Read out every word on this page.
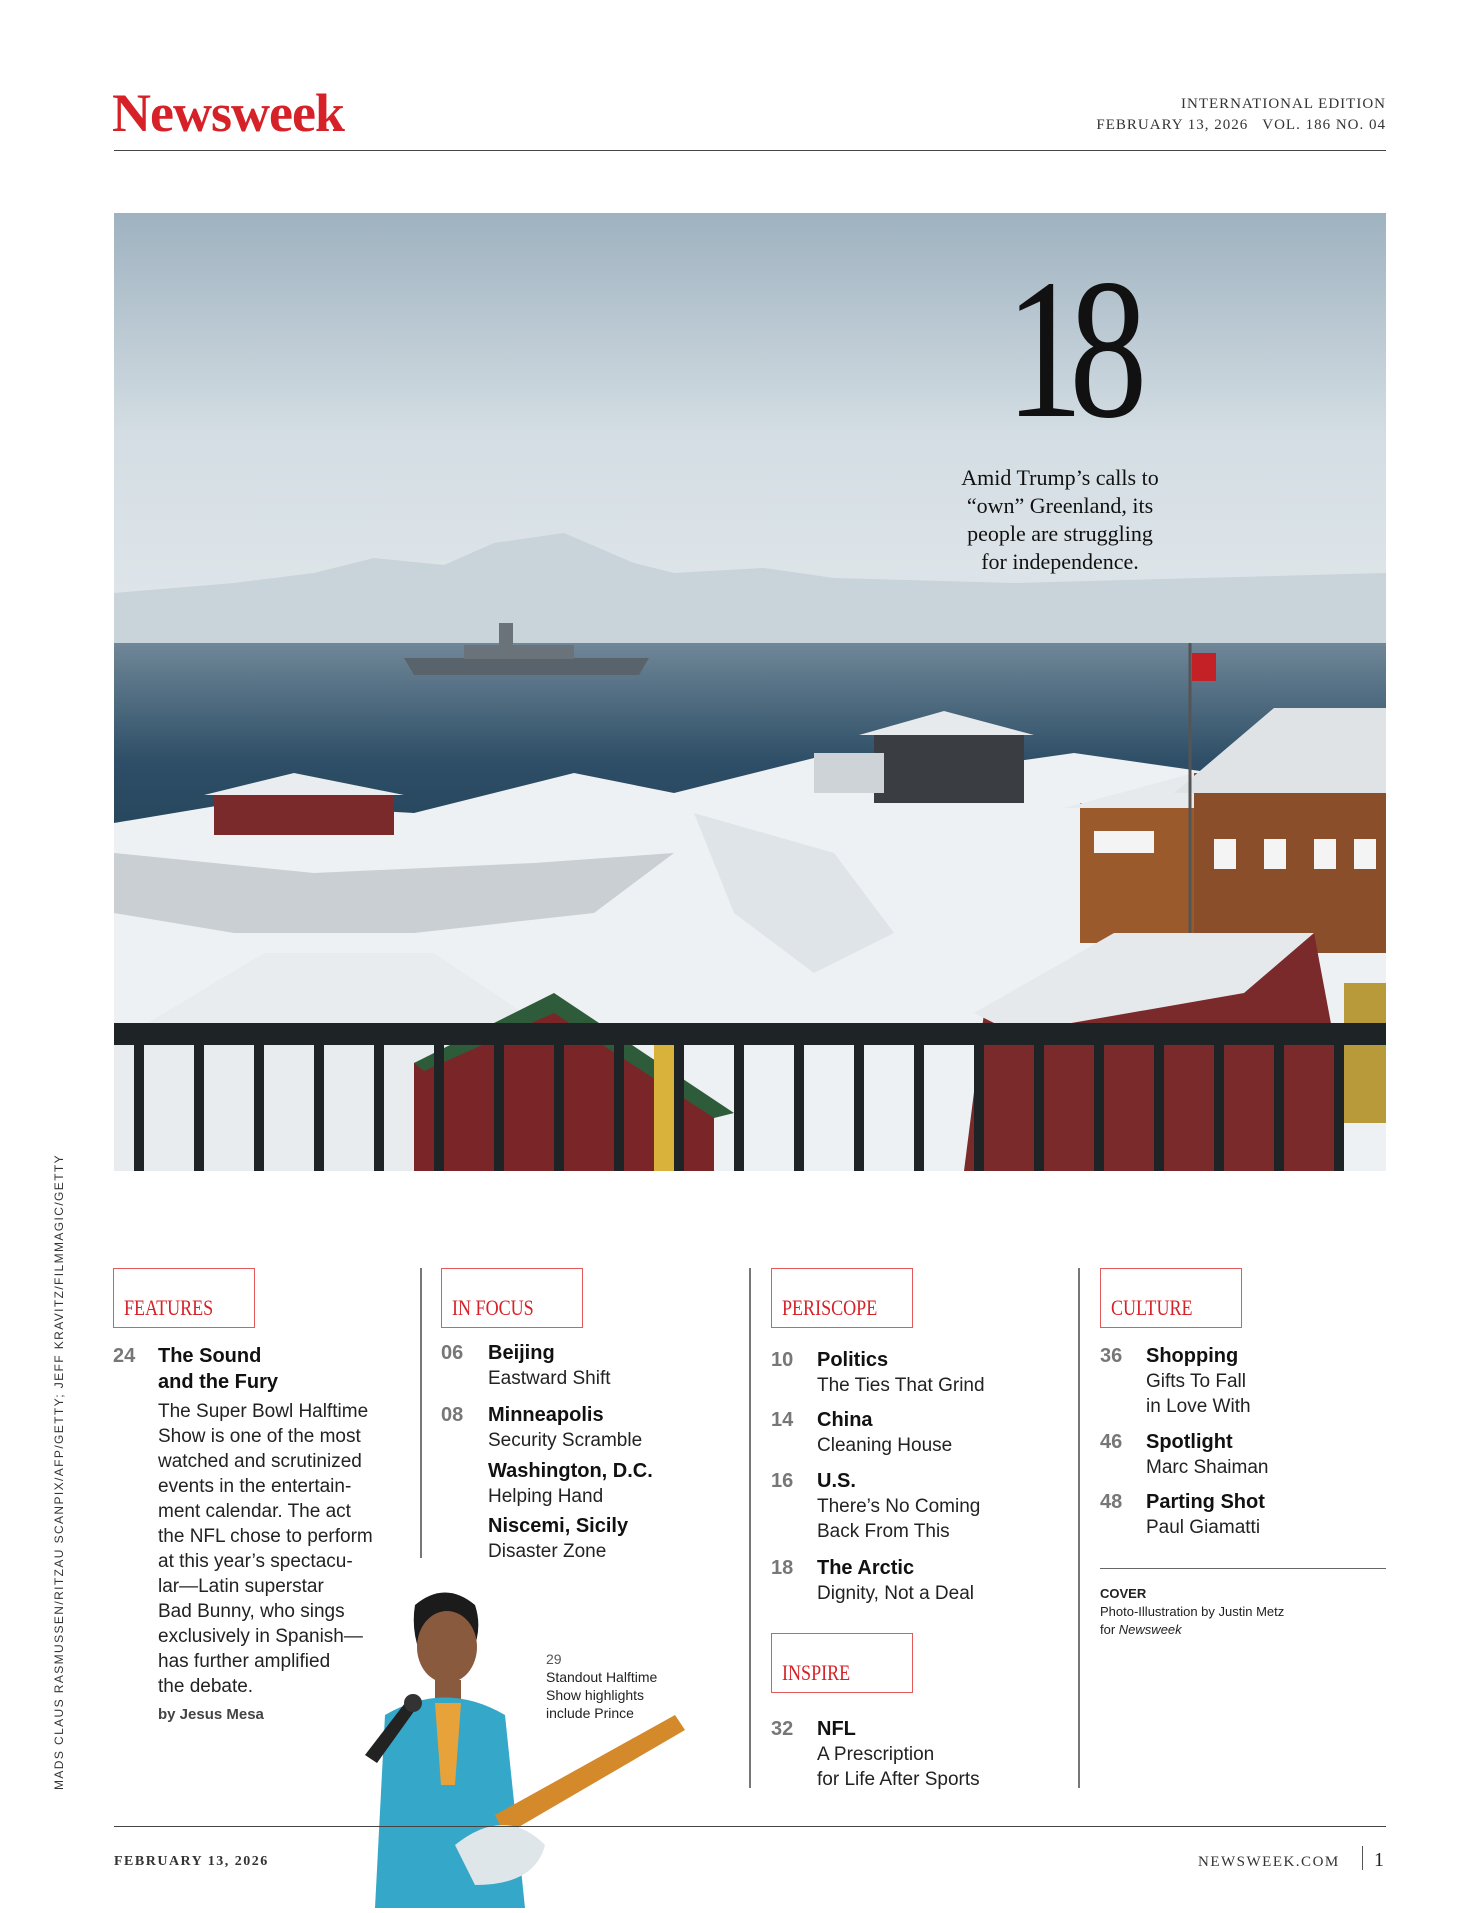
Newsweek	INTERNATIONAL EDITION
FEBRUARY 13, 2026   VOL. 186 NO. 04
18
Amid Trump’s calls to
“own” Greenland, its
people are struggling
for independence.
MADS CLAUS RASMUSSEN/RITZAU SCANPIX/AFP/GETTY; JEFF KRAVITZ/FILMMAGIC/GETTY	FEATURES
24	The Sound
and the Fury
The Super Bowl Halftime
Show is one of the most
watched and scrutinized
events in the entertain-
ment calendar. The act
the NFL chose to perform
at this year’s spectacu-
lar—Latin superstar
Bad Bunny, who sings
exclusively in Spanish—
has further amplified
the debate.
by Jesus Mesa
IN FOCUS
06	Beijing
Eastward Shift
08	Minneapolis
Security Scramble
Washington, D.C.
Helping Hand
Niscemi, Sicily
Disaster Zone
29
Standout Halftime
Show highlights
include Prince
PERISCOPE
10	Politics
The Ties That Grind
14	China
Cleaning House
16	U.S.
There’s No Coming
Back From This
18	The Arctic
Dignity, Not a Deal
INSPIRE
32	NFL
A Prescription
for Life After Sports
CULTURE
36	Shopping
Gifts To Fall
in Love With
46	Spotlight
Marc Shaiman
48	Parting Shot
Paul Giamatti
COVER
Photo-Illustration by Justin Metz
for Newsweek
FEBRUARY 13, 2026	NEWSWEEK.COM 1
